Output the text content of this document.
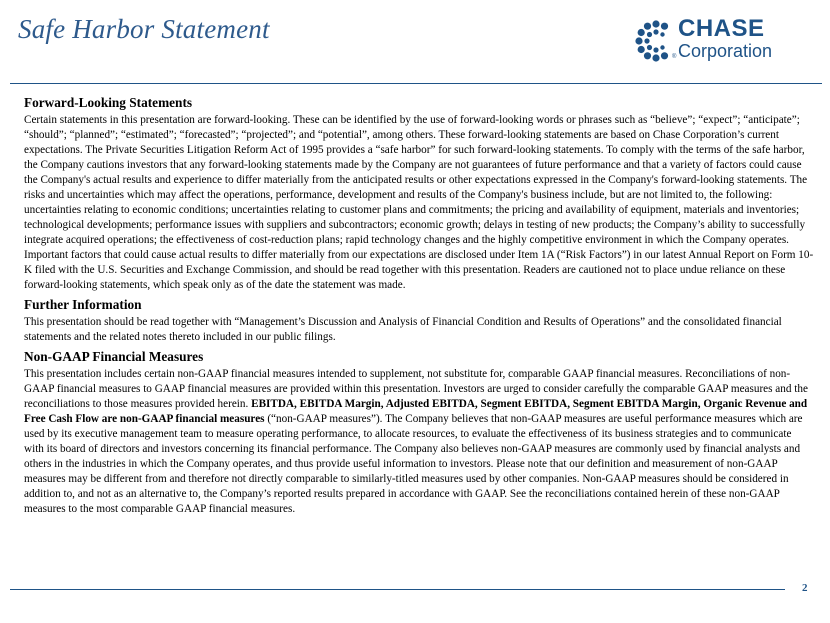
Safe Harbor Statement	CHASE
Corporation
®
Forward-Looking Statements
Certain statements in this presentation are forward-looking. These can be identified by the use of forward-looking words or phrases such as “believe”; “expect”; “anticipate”; “should”; “planned”; “estimated”; “forecasted”; “projected”; and “potential”, among others. These forward-looking statements are based on Chase Corporation’s current expectations. The Private Securities Litigation Reform Act of 1995 provides a “safe harbor” for such forward-looking statements. To comply with the terms of the safe harbor, the Company cautions investors that any forward-looking statements made by the Company are not guarantees of future performance and that a variety of factors could cause the Company's actual results and experience to differ materially from the anticipated results or other expectations expressed in the Company's forward-looking statements. The risks and uncertainties which may affect the operations, performance, development and results of the Company's business include, but are not limited to, the following: uncertainties relating to economic conditions; uncertainties relating to customer plans and commitments; the pricing and availability of equipment, materials and inventories; technological developments; performance issues with suppliers and subcontractors; economic growth; delays in testing of new products; the Company’s ability to successfully integrate acquired operations; the effectiveness of cost-reduction plans; rapid technology changes and the highly competitive environment in which the Company operates. Important factors that could cause actual results to differ materially from our expectations are disclosed under Item 1A (“Risk Factors”) in our latest Annual Report on Form 10-K filed with the U.S. Securities and Exchange Commission, and should be read together with this presentation. Readers are cautioned not to place undue reliance on these forward-looking statements, which speak only as of the date the statement was made.
Further Information
This presentation should be read together with “Management’s Discussion and Analysis of Financial Condition and Results of Operations” and the consolidated financial statements and the related notes thereto included in our public filings.
Non-GAAP Financial Measures
This presentation includes certain non-GAAP financial measures intended to supplement, not substitute for, comparable GAAP financial measures. Reconciliations of non-GAAP financial measures to GAAP financial measures are provided within this presentation. Investors are urged to consider carefully the comparable GAAP measures and the reconciliations to those measures provided herein. EBITDA, EBITDA Margin, Adjusted EBITDA, Segment EBITDA, Segment EBITDA Margin, Organic Revenue and Free Cash Flow are non-GAAP financial measures (“non-GAAP measures”). The Company believes that non-GAAP measures are useful performance measures which are used by its executive management team to measure operating performance, to allocate resources, to evaluate the effectiveness of its business strategies and to communicate with its board of directors and investors concerning its financial performance. The Company also believes non-GAAP measures are commonly used by financial analysts and others in the industries in which the Company operates, and thus provide useful information to investors. Please note that our definition and measurement of non-GAAP measures may be different from and therefore not directly comparable to similarly-titled measures used by other companies. Non-GAAP measures should be considered in addition to, and not as an alternative to, the Company’s reported results prepared in accordance with GAAP. See the reconciliations contained herein of these non-GAAP measures to the most comparable GAAP financial measures.
2
